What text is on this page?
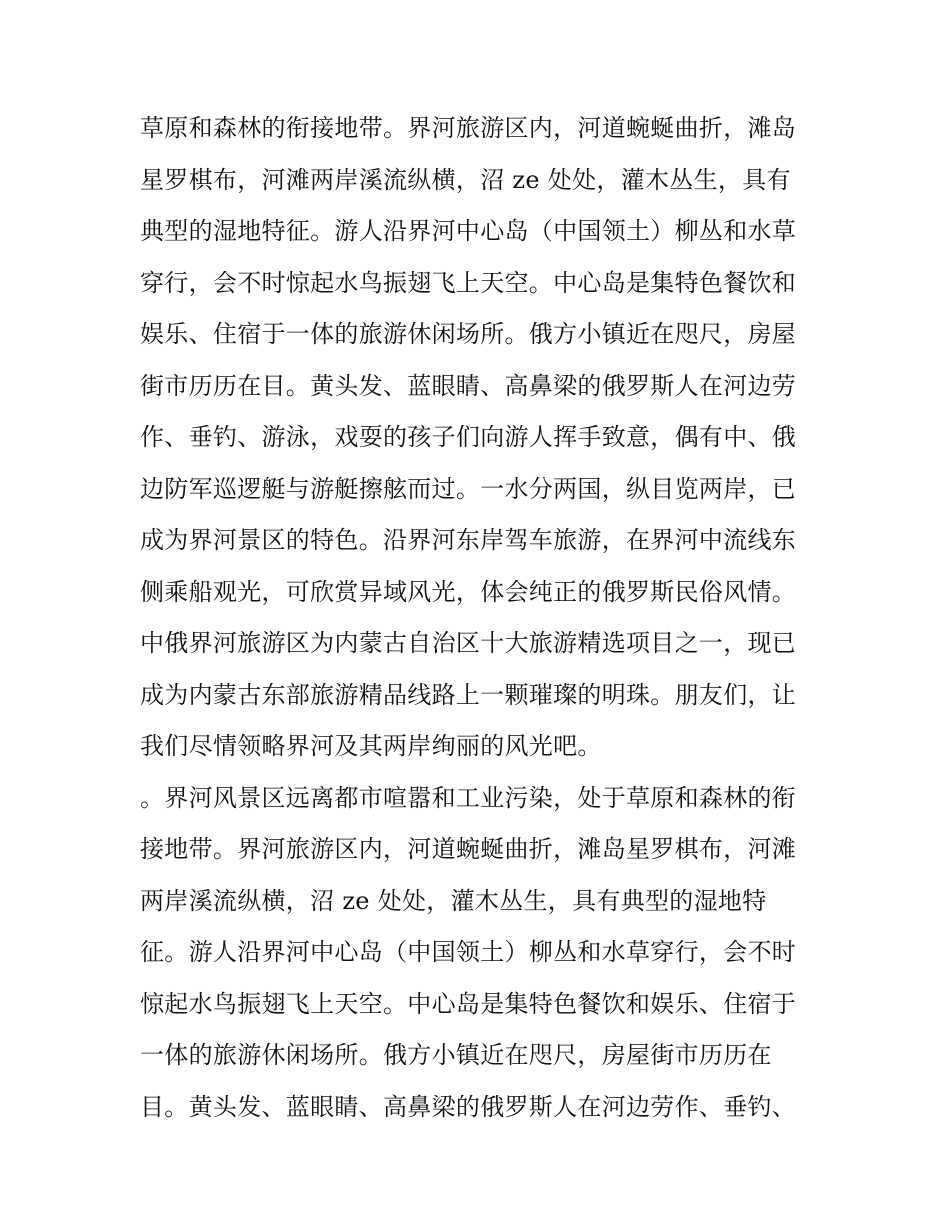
草原和森林的衔接地带。界河旅游区内，河道蜿蜒曲折，滩岛
星罗棋布，河滩两岸溪流纵横，沼 ze 处处，灌木丛生，具有
典型的湿地特征。游人沿界河中心岛（中国领土）柳丛和水草
穿行，会不时惊起水鸟振翅飞上天空。中心岛是集特色餐饮和
娱乐、住宿于一体的旅游休闲场所。俄方小镇近在咫尺，房屋
街市历历在目。黄头发、蓝眼睛、高鼻梁的俄罗斯人在河边劳
作、垂钓、游泳，戏耍的孩子们向游人挥手致意，偶有中、俄
边防军巡逻艇与游艇擦舷而过。一水分两国，纵目览两岸，已
成为界河景区的特色。沿界河东岸驾车旅游，在界河中流线东
侧乘船观光，可欣赏异域风光，体会纯正的俄罗斯民俗风情。
中俄界河旅游区为内蒙古自治区十大旅游精选项目之一，现已
成为内蒙古东部旅游精品线路上一颗璀璨的明珠。朋友们，让
我们尽情领略界河及其两岸绚丽的风光吧。
。界河风景区远离都市喧嚣和工业污染，处于草原和森林的衔
接地带。界河旅游区内，河道蜿蜒曲折，滩岛星罗棋布，河滩
两岸溪流纵横，沼 ze 处处，灌木丛生，具有典型的湿地特
征。游人沿界河中心岛（中国领土）柳丛和水草穿行，会不时
惊起水鸟振翅飞上天空。中心岛是集特色餐饮和娱乐、住宿于
一体的旅游休闲场所。俄方小镇近在咫尺，房屋街市历历在
目。黄头发、蓝眼睛、高鼻梁的俄罗斯人在河边劳作、垂钓、
